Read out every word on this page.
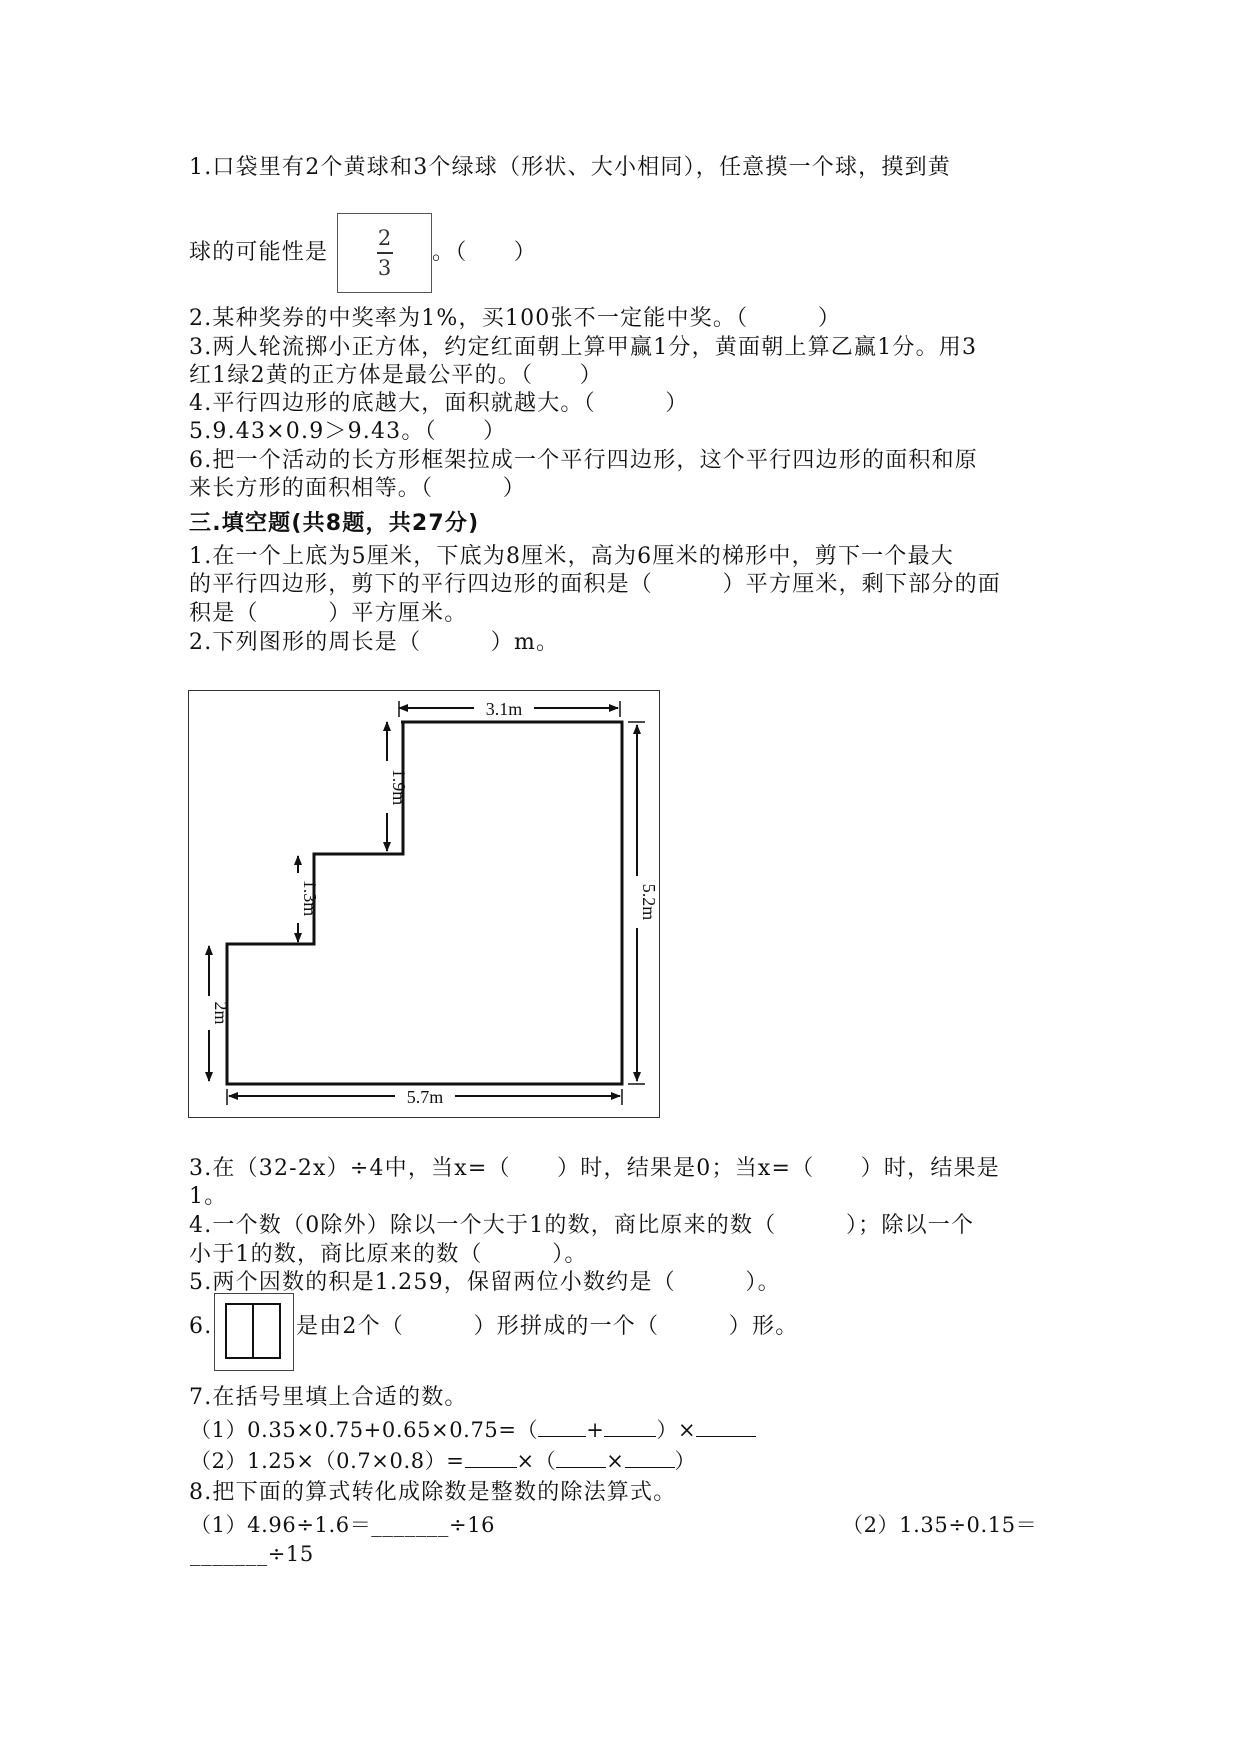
1.口袋里有2个黄球和3个绿球（形状、大小相同），任意摸一个球，摸到黄
球的可能性是
2
3
。（　　）
2.某种奖券的中奖率为1%，买100张不一定能中奖。（　　　）
3.两人轮流掷小正方体，约定红面朝上算甲赢1分，黄面朝上算乙赢1分。用3
红1绿2黄的正方体是最公平的。（　　）
4.平行四边形的底越大，面积就越大。（　　　）
5.9.43×0.9＞9.43。（　　）
6.把一个活动的长方形框架拉成一个平行四边形，这个平行四边形的面积和原
来长方形的面积相等。（　　　）
三.填空题(共8题，共27分)
1.在一个上底为5厘米，下底为8厘米，高为6厘米的梯形中，剪下一个最大
的平行四边形，剪下的平行四边形的面积是（　　　）平方厘米，剩下部分的面
积是（　　　）平方厘米。
2.下列图形的周长是（　　　）m。
3.1m
1.9m
1.3m
2m
5.2m
5.7m
3.在（32-2x）÷4中，当x=（　　）时，结果是0；当x=（　　）时，结果是
1。
4.一个数（0除外）除以一个大于1的数，商比原来的数（　　　）；除以一个
小于1的数，商比原来的数（　　　）。
5.两个因数的积是1.259，保留两位小数约是（　　　）。
6.	是由2个（　　　）形拼成的一个（　　　）形。
7.在括号里填上合适的数。
（1）0.35×0.75+0.65×0.75=（ + ）×
（2）1.25×（0.7×0.8）= ×（ × ）
8.把下面的算式转化成除数是整数的除法算式。
（1）4.96÷1.6＝_______÷16	（2）1.35÷0.15＝
_______÷15
